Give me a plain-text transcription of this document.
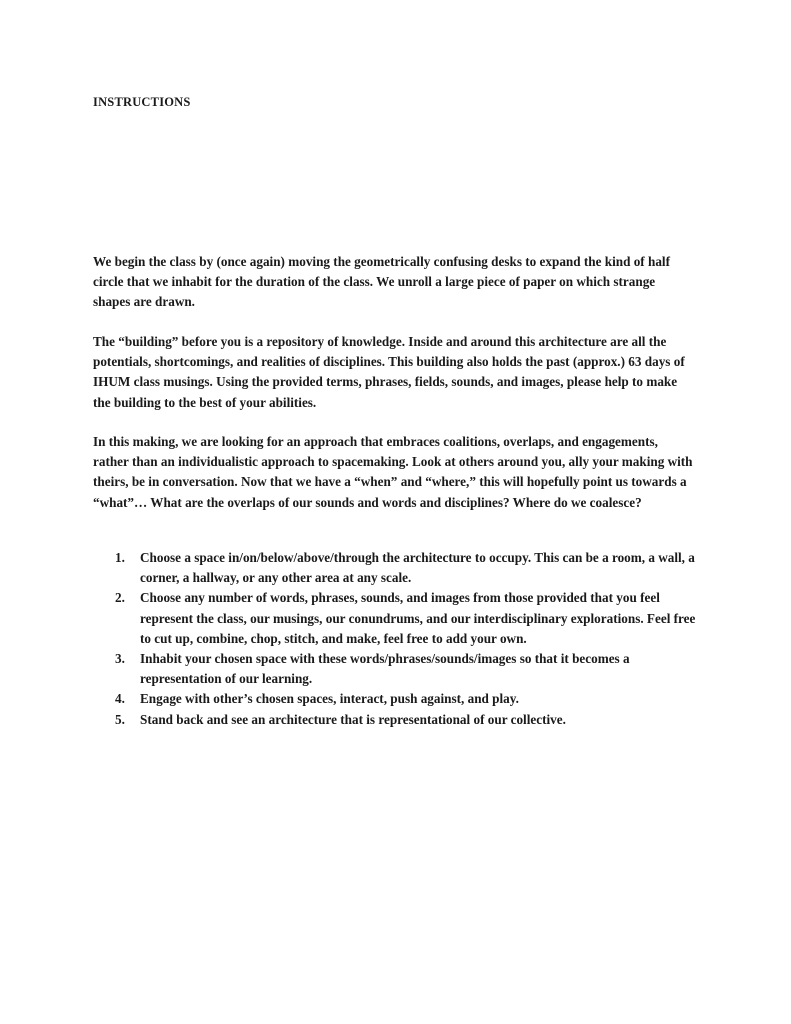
INSTRUCTIONS
We begin the class by (once again) moving the geometrically confusing desks to expand the kind of half circle that we inhabit for the duration of the class. We unroll a large piece of paper on which strange shapes are drawn.
The “building” before you is a repository of knowledge. Inside and around this architecture are all the potentials, shortcomings, and realities of disciplines. This building also holds the past (approx.) 63 days of IHUM class musings. Using the provided terms, phrases, fields, sounds, and images, please help to make the building to the best of your abilities.
In this making, we are looking for an approach that embraces coalitions, overlaps, and engagements, rather than an individualistic approach to spacemaking. Look at others around you, ally your making with theirs, be in conversation. Now that we have a “when” and “where,” this will hopefully point us towards a “what”… What are the overlaps of our sounds and words and disciplines? Where do we coalesce?
1. Choose a space in/on/below/above/through the architecture to occupy. This can be a room, a wall, a corner, a hallway, or any other area at any scale.
2. Choose any number of words, phrases, sounds, and images from those provided that you feel represent the class, our musings, our conundrums, and our interdisciplinary explorations. Feel free to cut up, combine, chop, stitch, and make, feel free to add your own.
3. Inhabit your chosen space with these words/phrases/sounds/images so that it becomes a representation of our learning.
4. Engage with other’s chosen spaces, interact, push against, and play.
5. Stand back and see an architecture that is representational of our collective.
